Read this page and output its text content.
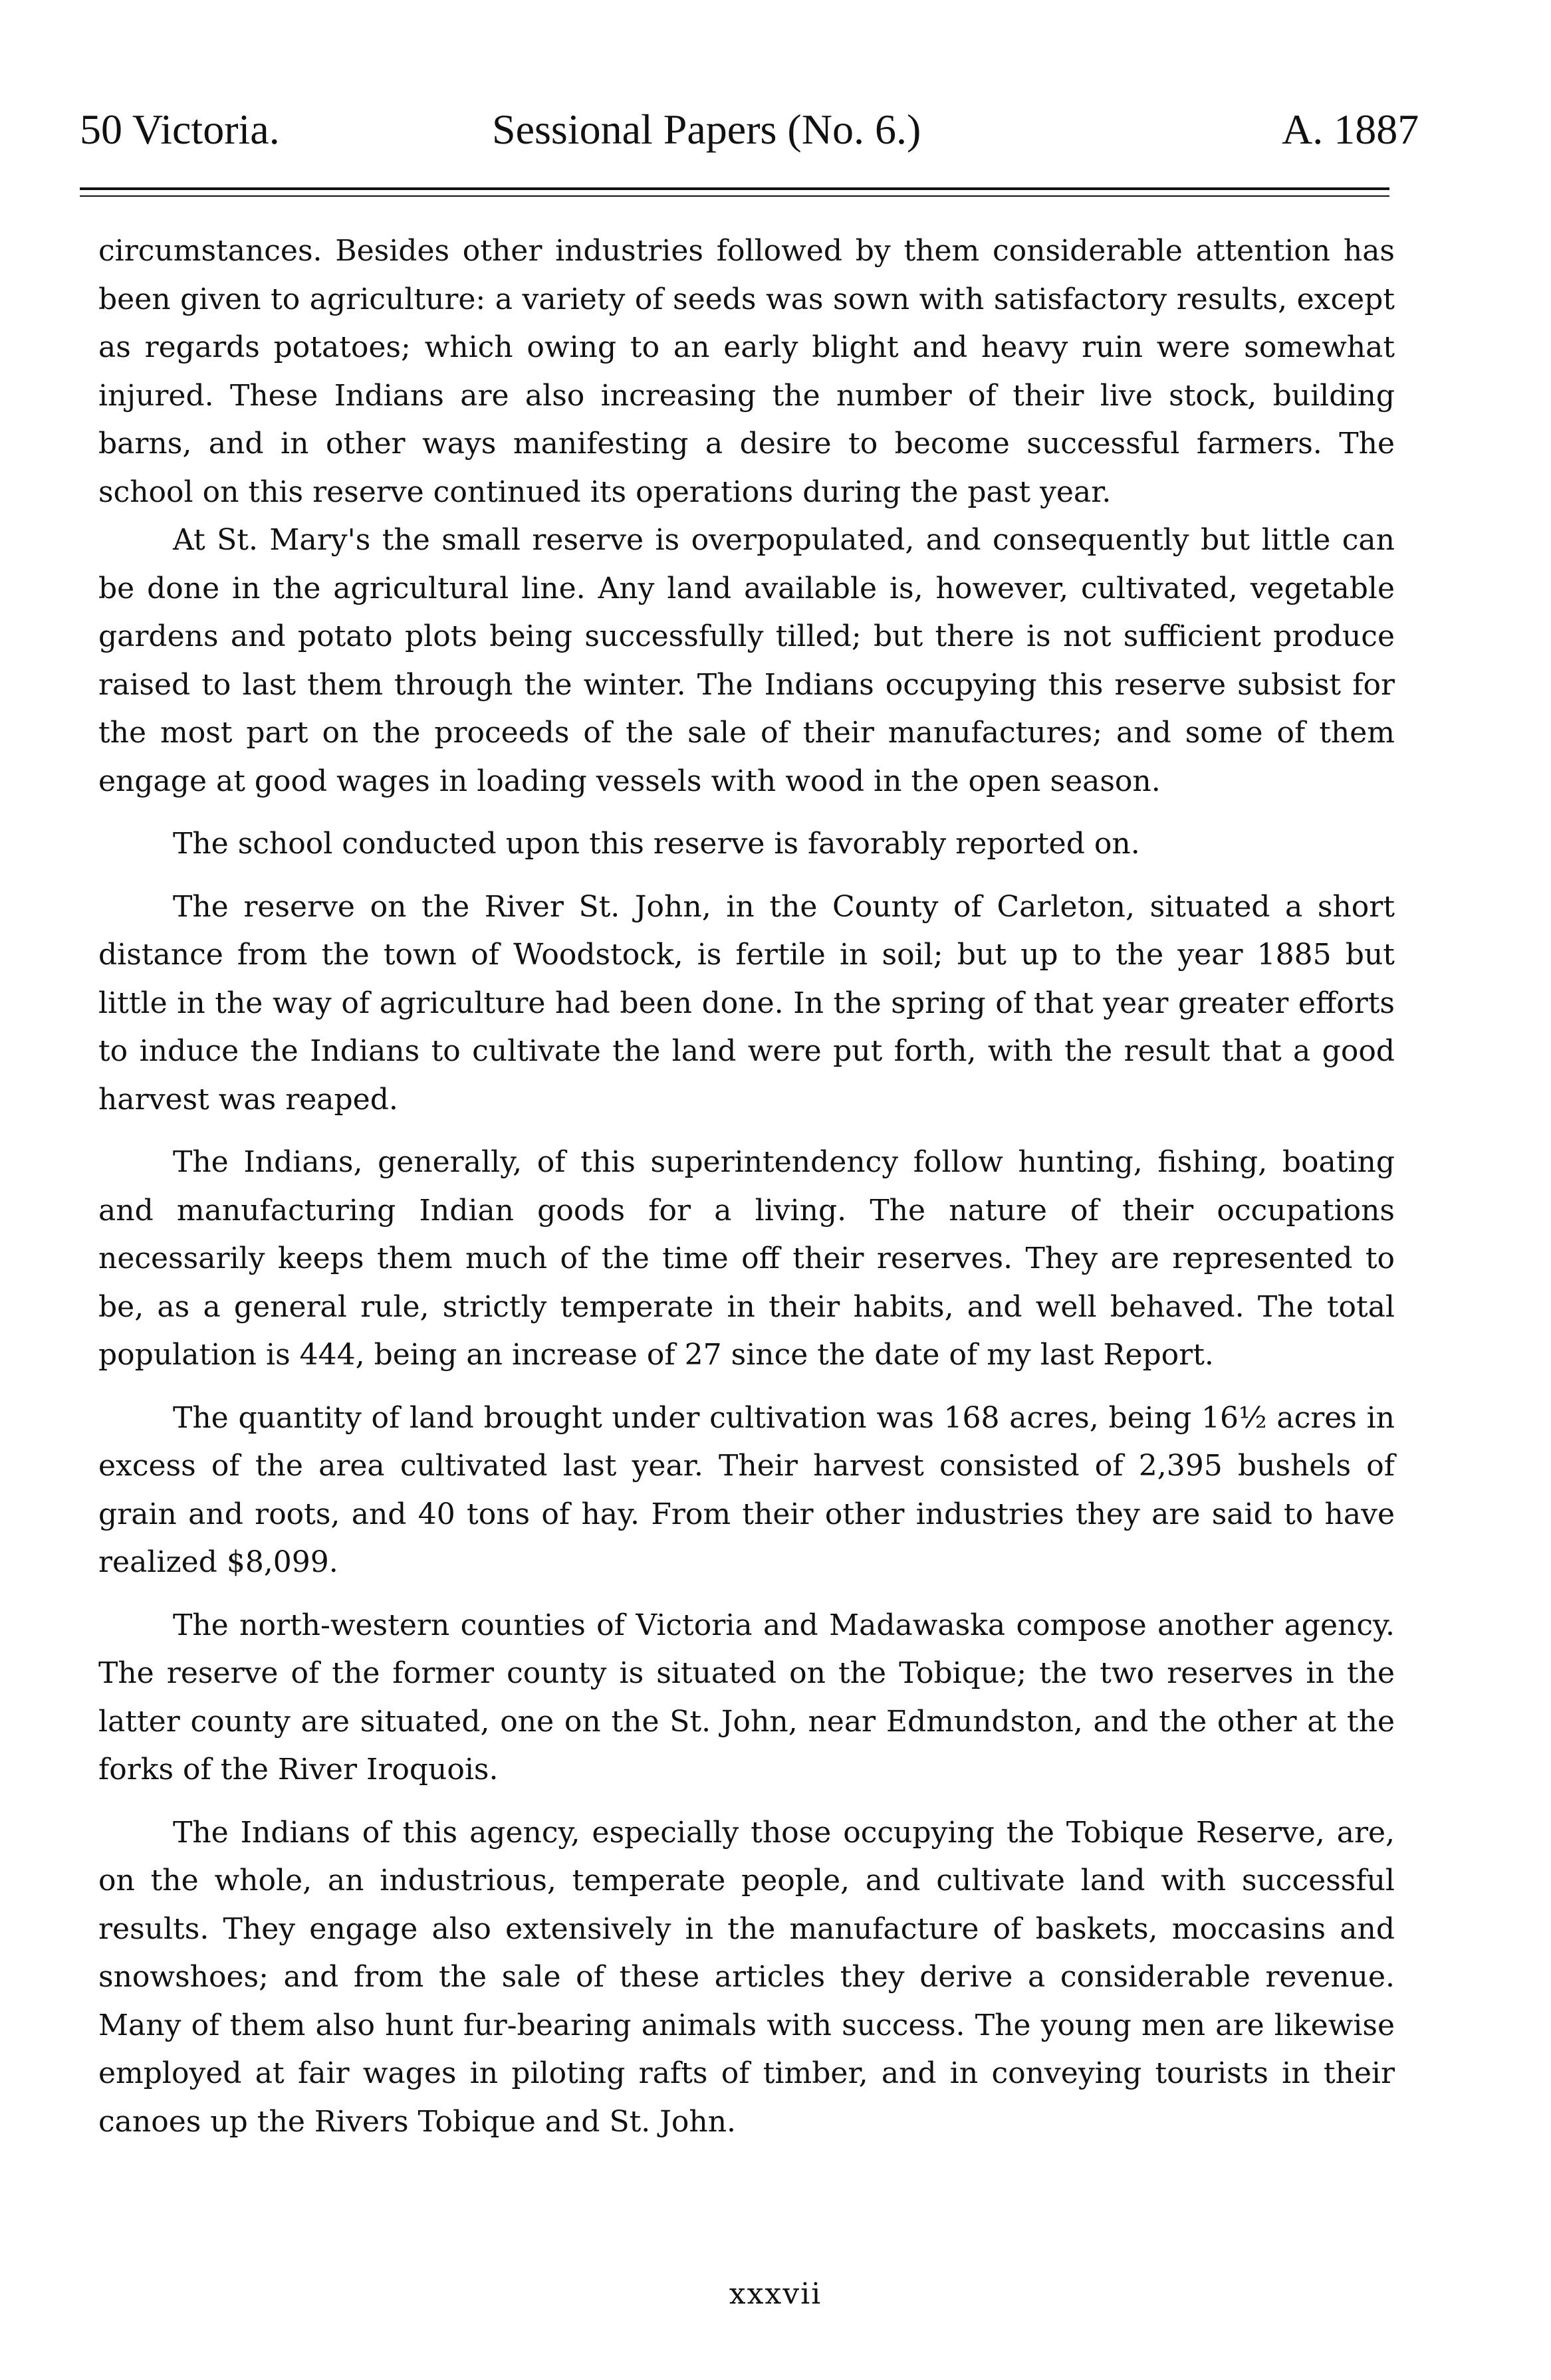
50 Victoria.	Sessional Papers (No. 6.)	A. 1887

circumstances. Besides other industries followed by them considerable attention has been given to agriculture: a variety of seeds was sown with satisfactory results, except as regards potatoes; which owing to an early blight and heavy ruin were somewhat injured. These Indians are also increasing the number of their live stock, building barns, and in other ways manifesting a desire to become successful farmers. The school on this reserve continued its operations during the past year.

At St. Mary's the small reserve is overpopulated, and consequently but little can be done in the agricultural line. Any land available is, however, cultivated, vegetable gardens and potato plots being successfully tilled; but there is not sufficient produce raised to last them through the winter. The Indians occupying this reserve subsist for the most part on the proceeds of the sale of their manufactures; and some of them engage at good wages in loading vessels with wood in the open season.

The school conducted upon this reserve is favorably reported on.

The reserve on the River St. John, in the County of Carleton, situated a short distance from the town of Woodstock, is fertile in soil; but up to the year 1885 but little in the way of agriculture had been done. In the spring of that year greater efforts to induce the Indians to cultivate the land were put forth, with the result that a good harvest was reaped.

The Indians, generally, of this superintendency follow hunting, fishing, boating and manufacturing Indian goods for a living. The nature of their occupations necessarily keeps them much of the time off their reserves. They are represented to be, as a general rule, strictly temperate in their habits, and well behaved. The total population is 444, being an increase of 27 since the date of my last Report.

The quantity of land brought under cultivation was 168 acres, being 16½ acres in excess of the area cultivated last year. Their harvest consisted of 2,395 bushels of grain and roots, and 40 tons of hay. From their other industries they are said to have realized $8,099.

The north-western counties of Victoria and Madawaska compose another agency. The reserve of the former county is situated on the Tobique; the two reserves in the latter county are situated, one on the St. John, near Edmundston, and the other at the forks of the River Iroquois.

The Indians of this agency, especially those occupying the Tobique Reserve, are, on the whole, an industrious, temperate people, and cultivate land with successful results. They engage also extensively in the manufacture of baskets, moccasins and snowshoes; and from the sale of these articles they derive a considerable revenue. Many of them also hunt fur-bearing animals with success. The young men are likewise employed at fair wages in piloting rafts of timber, and in conveying tourists in their canoes up the Rivers Tobique and St. John.

xxxvii
